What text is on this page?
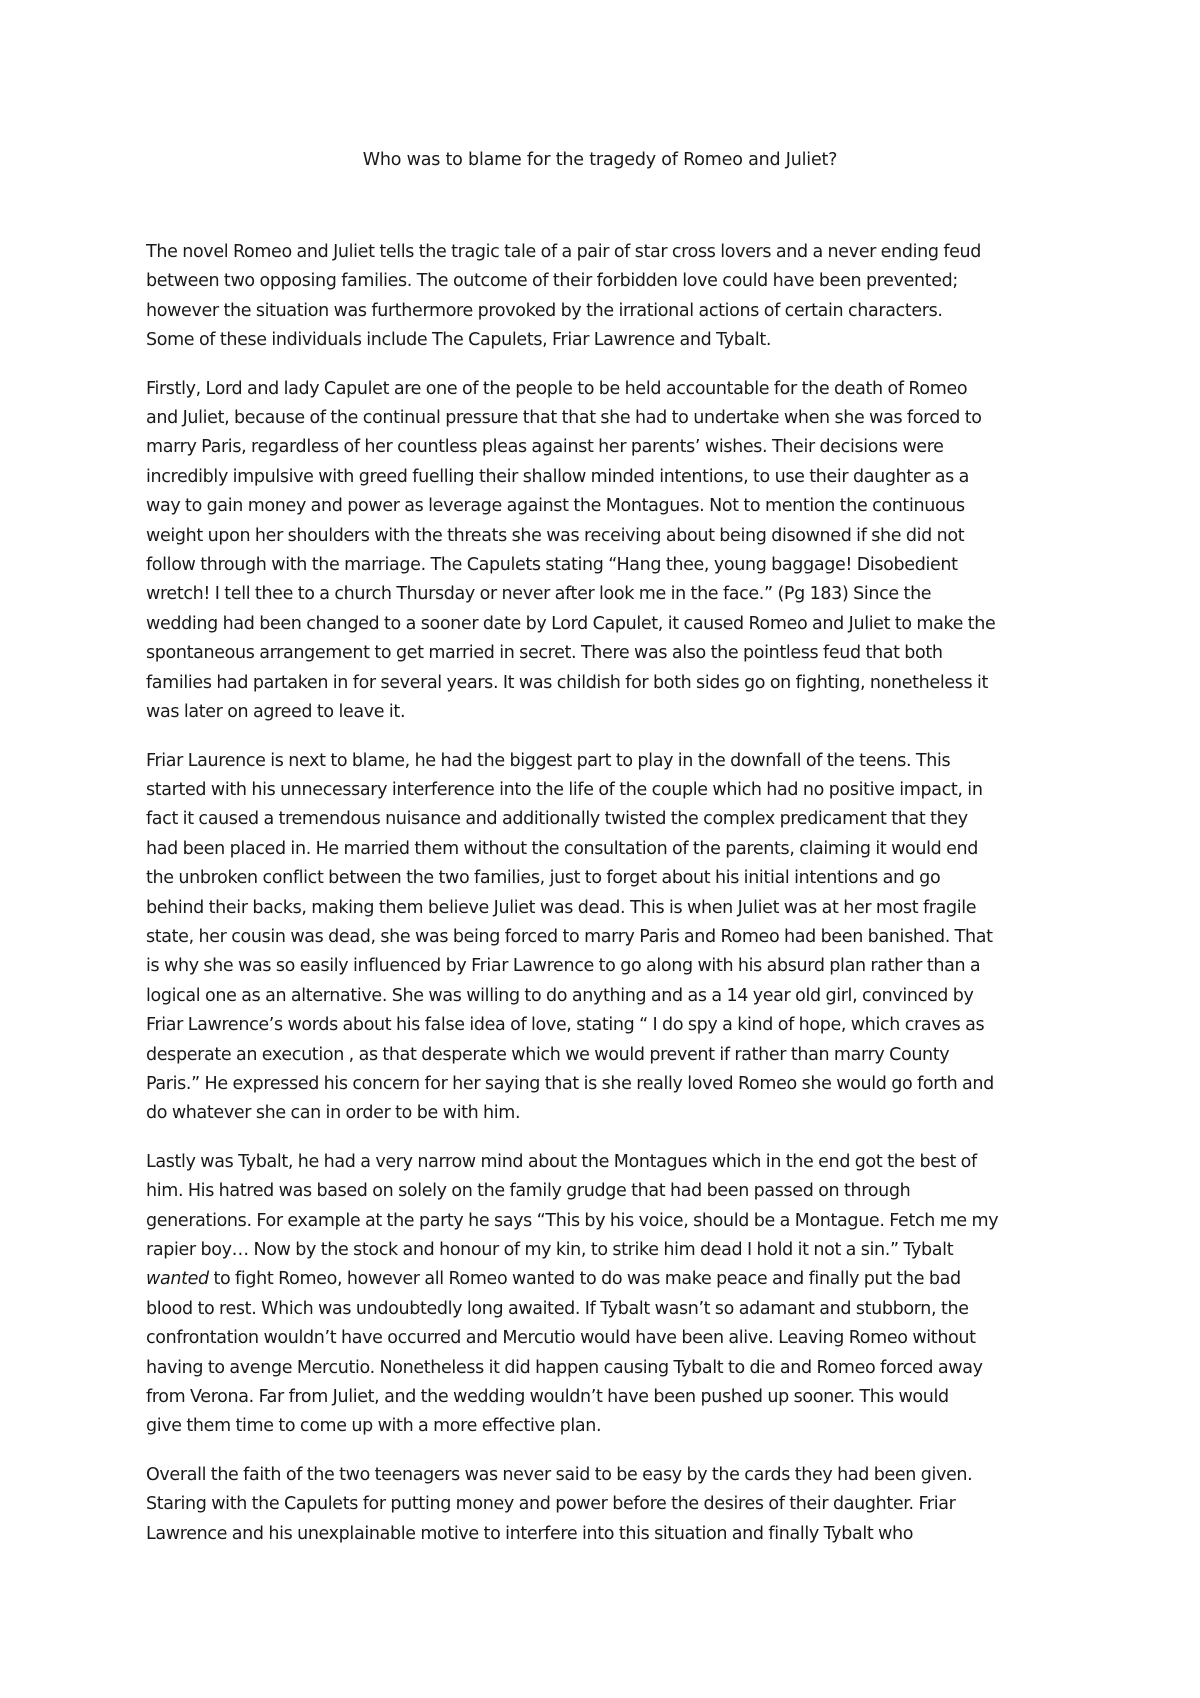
Who was to blame for the tragedy of Romeo and Juliet?

The novel Romeo and Juliet tells the tragic tale of a pair of star cross lovers and a never ending feud
between two opposing families. The outcome of their forbidden love could have been prevented;
however the situation was furthermore provoked by the irrational actions of certain characters.
Some of these individuals include The Capulets, Friar Lawrence and Tybalt.

Firstly, Lord and lady Capulet are one of the people to be held accountable for the death of Romeo
and Juliet, because of the continual pressure that that she had to undertake when she was forced to
marry Paris, regardless of her countless pleas against her parents’ wishes. Their decisions were
incredibly impulsive with greed fuelling their shallow minded intentions, to use their daughter as a
way to gain money and power as leverage against the Montagues. Not to mention the continuous
weight upon her shoulders with the threats she was receiving about being disowned if she did not
follow through with the marriage. The Capulets stating “Hang thee, young baggage! Disobedient
wretch! I tell thee to a church Thursday or never after look me in the face.” (Pg 183) Since the
wedding had been changed to a sooner date by Lord Capulet, it caused Romeo and Juliet to make the
spontaneous arrangement to get married in secret. There was also the pointless feud that both
families had partaken in for several years. It was childish for both sides go on fighting, nonetheless it
was later on agreed to leave it.

Friar Laurence is next to blame, he had the biggest part to play in the downfall of the teens. This
started with his unnecessary interference into the life of the couple which had no positive impact, in
fact it caused a tremendous nuisance and additionally twisted the complex predicament that they
had been placed in. He married them without the consultation of the parents, claiming it would end
the unbroken conflict between the two families, just to forget about his initial intentions and go
behind their backs, making them believe Juliet was dead. This is when Juliet was at her most fragile
state, her cousin was dead, she was being forced to marry Paris and Romeo had been banished. That
is why she was so easily influenced by Friar Lawrence to go along with his absurd plan rather than a
logical one as an alternative. She was willing to do anything and as a 14 year old girl, convinced by
Friar Lawrence’s words about his false idea of love, stating “ I do spy a kind of hope, which craves as
desperate an execution , as that desperate which we would prevent if rather than marry County
Paris.” He expressed his concern for her saying that is she really loved Romeo she would go forth and
do whatever she can in order to be with him.

Lastly was Tybalt, he had a very narrow mind about the Montagues which in the end got the best of
him. His hatred was based on solely on the family grudge that had been passed on through
generations. For example at the party he says “This by his voice, should be a Montague. Fetch me my
rapier boy… Now by the stock and honour of my kin, to strike him dead I hold it not a sin.” Tybalt
wanted to fight Romeo, however all Romeo wanted to do was make peace and finally put the bad
blood to rest. Which was undoubtedly long awaited. If Tybalt wasn’t so adamant and stubborn, the
confrontation wouldn’t have occurred and Mercutio would have been alive. Leaving Romeo without
having to avenge Mercutio. Nonetheless it did happen causing Tybalt to die and Romeo forced away
from Verona. Far from Juliet, and the wedding wouldn’t have been pushed up sooner. This would
give them time to come up with a more effective plan.

Overall the faith of the two teenagers was never said to be easy by the cards they had been given.
Staring with the Capulets for putting money and power before the desires of their daughter. Friar
Lawrence and his unexplainable motive to interfere into this situation and finally Tybalt who
